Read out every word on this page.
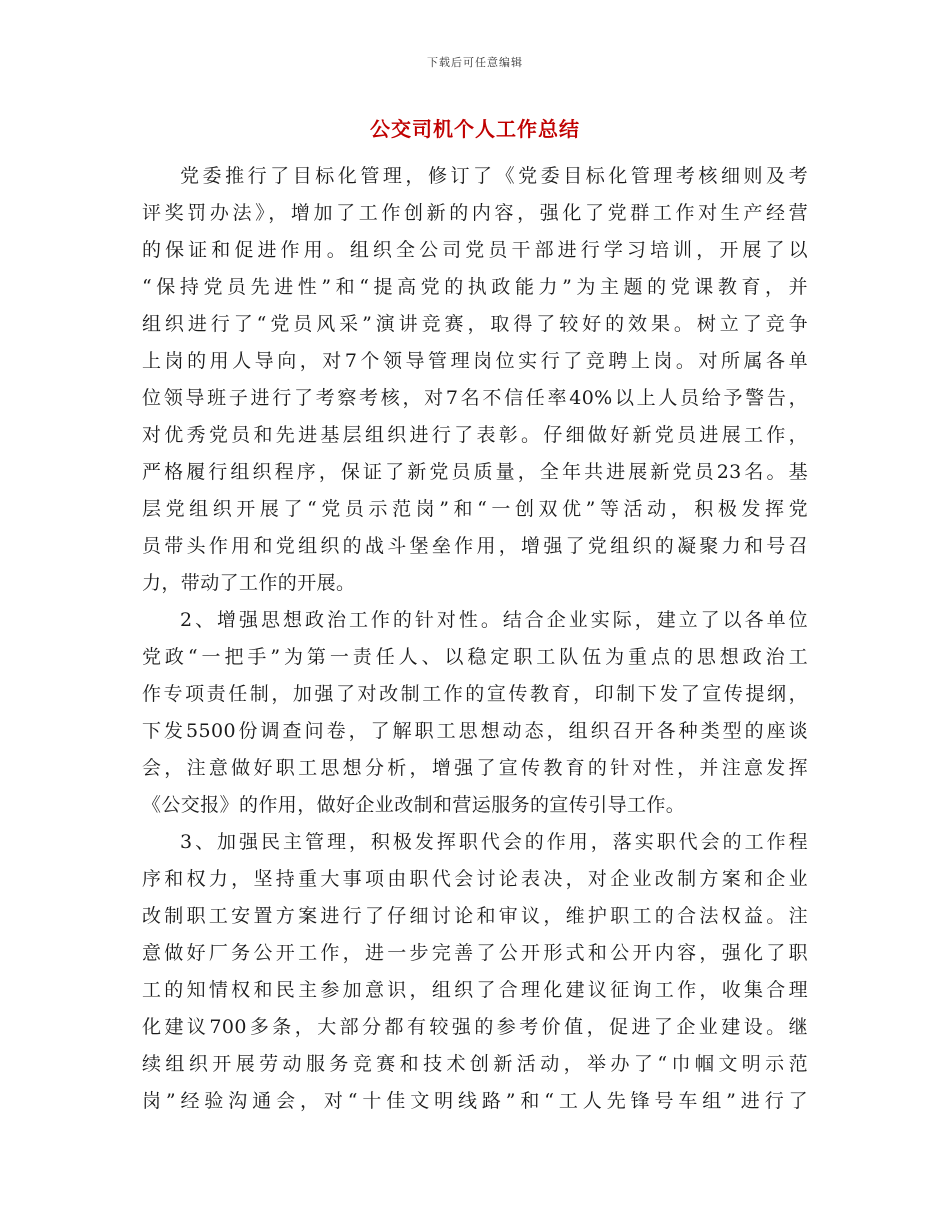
下载后可任意编辑
公交司机个人工作总结
党委推行了目标化管理，修订了《党委目标化管理考核细则及考
评奖罚办法》，增加了工作创新的内容，强化了党群工作对生产经营
的保证和促进作用。组织全公司党员干部进行学习培训，开展了以
“保持党员先进性”和“提高党的执政能力”为主题的党课教育，并
组织进行了“党员风采”演讲竞赛，取得了较好的效果。树立了竞争
上岗的用人导向，对7个领导管理岗位实行了竞聘上岗。对所属各单
位领导班子进行了考察考核，对7名不信任率40%以上人员给予警告，
对优秀党员和先进基层组织进行了表彰。仔细做好新党员进展工作，
严格履行组织程序，保证了新党员质量，全年共进展新党员23名。基
层党组织开展了“党员示范岗”和“一创双优”等活动，积极发挥党
员带头作用和党组织的战斗堡垒作用，增强了党组织的凝聚力和号召
力，带动了工作的开展。
2、增强思想政治工作的针对性。结合企业实际，建立了以各单位
党政“一把手”为第一责任人、以稳定职工队伍为重点的思想政治工
作专项责任制，加强了对改制工作的宣传教育，印制下发了宣传提纲，
下发5500份调查问卷，了解职工思想动态，组织召开各种类型的座谈
会，注意做好职工思想分析，增强了宣传教育的针对性，并注意发挥
《公交报》的作用，做好企业改制和营运服务的宣传引导工作。
3、加强民主管理，积极发挥职代会的作用，落实职代会的工作程
序和权力，坚持重大事项由职代会讨论表决，对企业改制方案和企业
改制职工安置方案进行了仔细讨论和审议，维护职工的合法权益。注
意做好厂务公开工作，进一步完善了公开形式和公开内容，强化了职
工的知情权和民主参加意识，组织了合理化建议征询工作，收集合理
化建议700多条，大部分都有较强的参考价值，促进了企业建设。继
续组织开展劳动服务竞赛和技术创新活动，举办了“巾帼文明示范
岗”经验沟通会，对“十佳文明线路”和“工人先锋号车组”进行了
